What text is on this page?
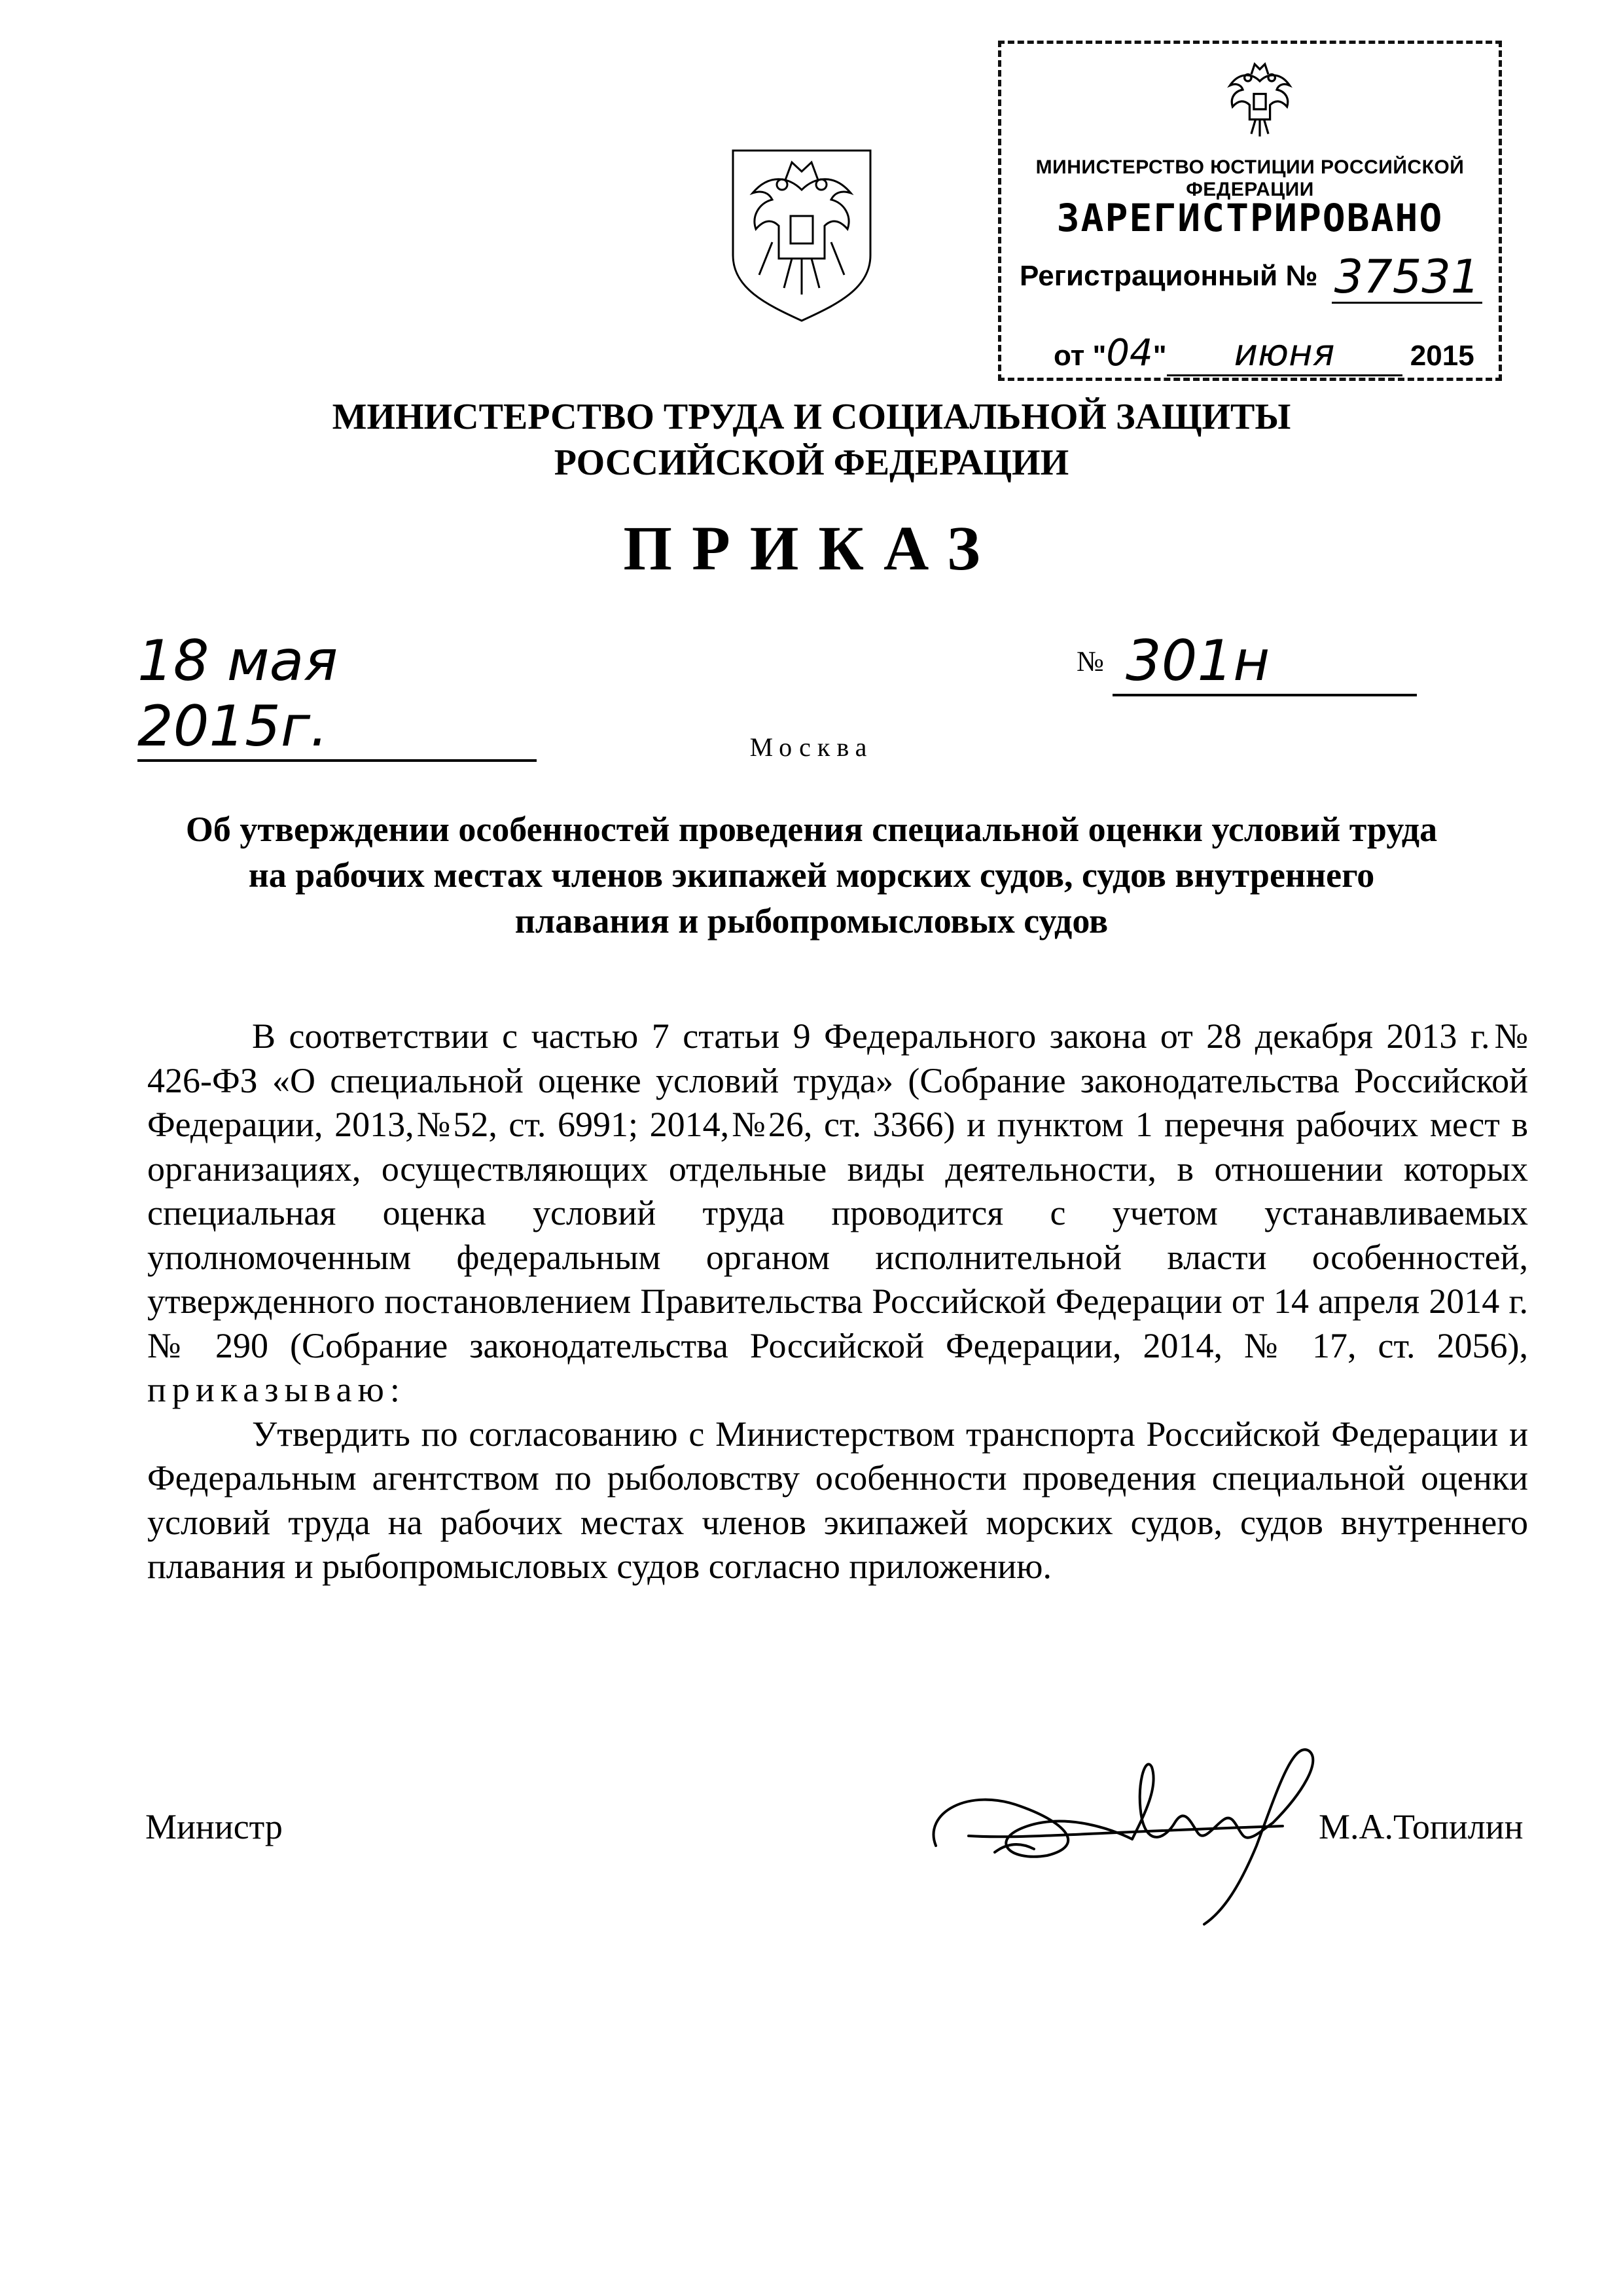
МИНИСТЕРСТВО ЮСТИЦИИ РОССИЙСКОЙ ФЕДЕРАЦИИ
ЗАРЕГИСТРИРОВАНО
Регистрационный № 37531
от "04" июня	2015
МИНИСТЕРСТВО ТРУДА И СОЦИАЛЬНОЙ ЗАЩИТЫ
РОССИЙСКОЙ ФЕДЕРАЦИИ
ПРИКАЗ
18 мая 2015г.
№ 301н
Москва
Об утверждении особенностей проведения специальной оценки условий труда
на рабочих местах членов экипажей морских судов, судов внутреннего
плавания и рыбопромысловых судов

В соответствии с частью 7 статьи 9 Федерального закона от 28 декабря 2013 г.№ 426-ФЗ «О специальной оценке условий труда» (Собрание законодательства Российской Федерации, 2013,№52, ст. 6991; 2014,№26, ст. 3366) и пунктом 1 перечня рабочих мест в организациях, осуществляющих отдельные виды деятельности, в отношении которых специальная оценка условий труда проводится с учетом устанавливаемых уполномоченным федеральным органом исполнительной власти особенностей, утвержденного постановлением Правительства Российской Федерации от 14 апреля 2014 г. № 290 (Собрание законодательства Российской Федерации, 2014, № 17, ст. 2056), приказываю:

Утвердить по согласованию с Министерством транспорта Российской Федерации и Федеральным агентством по рыболовству особенности проведения специальной оценки условий труда на рабочих местах членов экипажей морских судов, судов внутреннего плавания и рыбопромысловых судов согласно приложению.

Министр	М.А.Топилин
